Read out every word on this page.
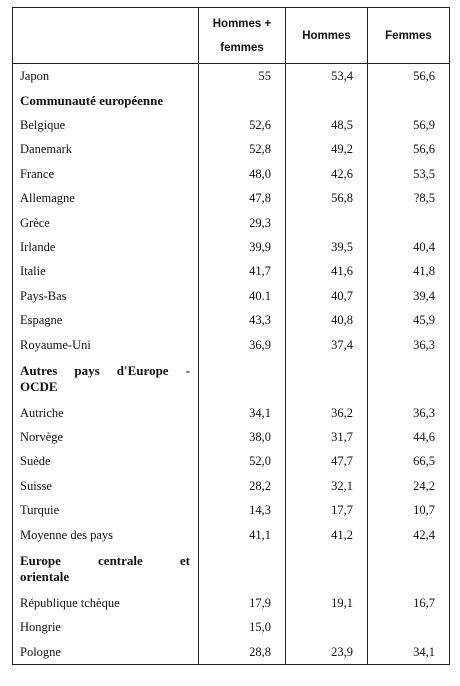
	Hommes +
femmes	Hommes	Femmes
Japon	55	53,4	56,6
Communauté européenne			
Belgique	52,6	48,5	56,9
Danemark	52,8	49,2	56,6
France	48,0	42,6	53,5
Allemagne	47,8	56,8	?8,5
Grèce	29,3		
Irlande	39,9	39,5	40,4
Italie	41,7	41,6	41,8
Pays-Bas	40.1	40,7	39,4
Espagne	43,3	40,8	45,9
Royaume-Uni	36,9	37,4	36,3

Autres pays d'Europe -
OCDE			

Autriche	34,1	36,2	36,3
Norvège	38,0	31,7	44,6
Suède	52,0	47,7	66,5
Suisse	28,2	32,1	24,2
Turquie	14,3	17,7	10,7
Moyenne des pays	41,1	41,2	42,4

Europe centrale et
orientale			

République tchèque	17,9	19,1	16,7
Hongrie	15,0		
Pologne	28,8	23,9	34,1
